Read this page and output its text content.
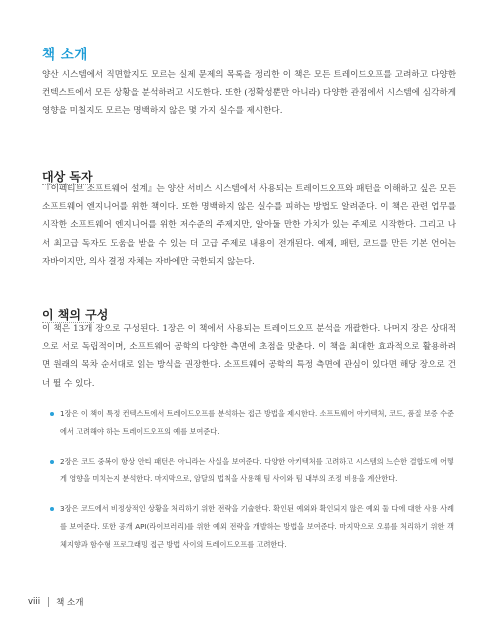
책 소개

양산 시스템에서 직면할지도 모르는 실제 문제의 목록을 정리한 이 책은 모든 트레이드오프를 고려하고 다양한 컨텍스트에서 모든 상황을 분석하려고 시도한다. 또한 (정확성뿐만 아니라) 다양한 관점에서 시스템에 심각하게 영향을 미칠지도 모르는 명백하지 않은 몇 가지 실수를 제시한다.

대상 독자

『이펙티브 소프트웨어 설계』는 양산 서비스 시스템에서 사용되는 트레이드오프와 패턴을 이해하고 싶은 모든 소프트웨어 엔지니어를 위한 책이다. 또한 명백하지 않은 실수를 피하는 방법도 알려준다. 이 책은 관련 업무를 시작한 소프트웨어 엔지니어를 위한 저수준의 주제지만, 알아둘 만한 가치가 있는 주제로 시작한다. 그리고 나서 최고급 독자도 도움을 받을 수 있는 더 고급 주제로 내용이 전개된다. 예제, 패턴, 코드를 만든 기본 언어는 자바이지만, 의사 결정 자체는 자바에만 국한되지 않는다.

이 책의 구성

이 책은 13개 장으로 구성된다. 1장은 이 책에서 사용되는 트레이드오프 분석을 개괄한다. 나머지 장은 상대적으로 서로 독립적이며, 소프트웨어 공학의 다양한 측면에 초점을 맞춘다. 이 책을 최대한 효과적으로 활용하려면 원래의 목차 순서대로 읽는 방식을 권장한다. 소프트웨어 공학의 특정 측면에 관심이 있다면 해당 장으로 건너 뛸 수 있다.

1장은 이 책이 특정 컨텍스트에서 트레이드오프를 분석하는 접근 방법을 제시한다. 소프트웨어 아키텍처, 코드, 품질 보증 수준에서 고려해야 하는 트레이드오프의 예를 보여준다.
2장은 코드 중복이 항상 안티 패턴은 아니라는 사실을 보여준다. 다양한 아키텍처를 고려하고 시스템의 느슨한 결합도에 어떻게 영향을 미치는지 분석한다. 마지막으로, 암달의 법칙을 사용해 팀 사이와 팀 내부의 조정 비용을 계산한다.
3장은 코드에서 비정상적인 상황을 처리하기 위한 전략을 기술한다. 확인된 예외와 확인되지 않은 예외 둘 다에 대한 사용 사례를 보여준다. 또한 공개 API(라이브러리)를 위한 예외 전략을 개발하는 방법을 보여준다. 마지막으로 오류를 처리하기 위한 객체지향과 함수형 프로그래밍 접근 방법 사이의 트레이드오프를 고려한다.
viii 책 소개
